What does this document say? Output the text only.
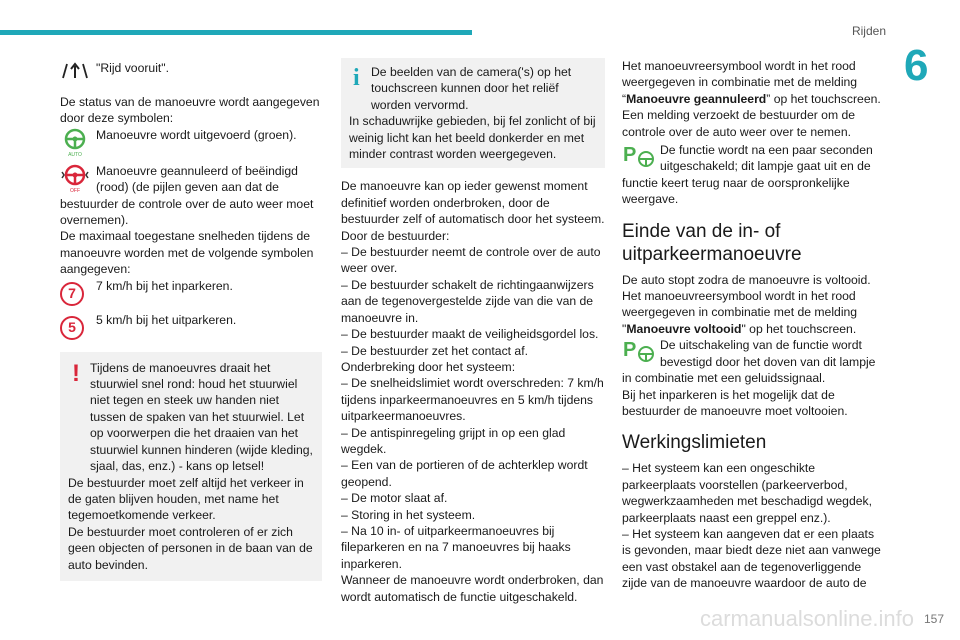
Rijden
6
"Rijd vooruit".

De status van de manoeuvre wordt aangegeven door deze symbolen:

AUTO
Manoeuvre wordt uitgevoerd (groen).
OFF

Manoeuvre geannuleerd of beëindigd (rood) (de pijlen geven aan dat de bestuurder de controle over de auto weer moet overnemen).

De maximaal toegestane snelheden tijdens de manoeuvre worden met de volgende symbolen aangegeven:

7	7 km/h bij het inparkeren.
5	5 km/h bij het uitparkeren.
! Tijdens de manoeuvres draait het stuurwiel snel rond: houd het stuurwiel niet tegen en steek uw handen niet tussen de spaken van het stuurwiel. Let op voorwerpen die het draaien van het stuurwiel kunnen hinderen (wijde kleding, sjaal, das, enz.) - kans op letsel!

De bestuurder moet zelf altijd het verkeer in de gaten blijven houden, met name het tegemoetkomende verkeer.

De bestuurder moet controleren of er zich geen objecten of personen in de baan van de auto bevinden.

i De beelden van de camera('s) op het touchscreen kunnen door het reliëf worden vervormd.

In schaduwrijke gebieden, bij fel zonlicht of bij weinig licht kan het beeld donkerder en met minder contrast worden weergegeven.

De manoeuvre kan op ieder gewenst moment definitief worden onderbroken, door de bestuurder zelf of automatisch door het systeem.

Door de bestuurder:

– De bestuurder neemt de controle over de auto weer over.

– De bestuurder schakelt de richtingaanwijzers aan de tegenovergestelde zijde van die van de manoeuvre in.

– De bestuurder maakt de veiligheidsgordel los.

– De bestuurder zet het contact af.

Onderbreking door het systeem:

– De snelheidslimiet wordt overschreden: 7 km/h tijdens inparkeermanoeuvres en 5 km/h tijdens uitparkeermanoeuvres.

– De antispinregeling grijpt in op een glad wegdek.

– Een van de portieren of de achterklep wordt geopend.

– De motor slaat af.

– Storing in het systeem.

– Na 10 in- of uitparkeermanoeuvres bij fileparkeren en na 7 manoeuvres bij haaks inparkeren.

Wanneer de manoeuvre wordt onderbroken, dan wordt automatisch de functie uitgeschakeld.

Het manoeuvreersymbool wordt in het rood weergegeven in combinatie met de melding “Manoeuvre geannuleerd” op het touchscreen.

Een melding verzoekt de bestuurder om de controle over de auto weer over te nemen.

P	De functie wordt na een paar seconden uitgeschakeld; dit lampje gaat uit en de functie keert terug naar de oorspronkelijke weergave.

Einde van de in- of uitparkeermanoeuvre

De auto stopt zodra de manoeuvre is voltooid.

Het manoeuvreersymbool wordt in het rood weergegeven in combinatie met de melding "Manoeuvre voltooid" op het touchscreen.

P	De uitschakeling van de functie wordt bevestigd door het doven van dit lampje in combinatie met een geluidssignaal.

Bij het inparkeren is het mogelijk dat de bestuurder de manoeuvre moet voltooien.

Werkingslimieten

– Het systeem kan een ongeschikte parkeerplaats voorstellen (parkeerverbod, wegwerkzaamheden met beschadigd wegdek, parkeerplaats naast een greppel enz.).

– Het systeem kan aangeven dat er een plaats is gevonden, maar biedt deze niet aan vanwege een vast obstakel aan de tegenoverliggende zijde van de manoeuvre waardoor de auto de

carmanualsonline.info 157
